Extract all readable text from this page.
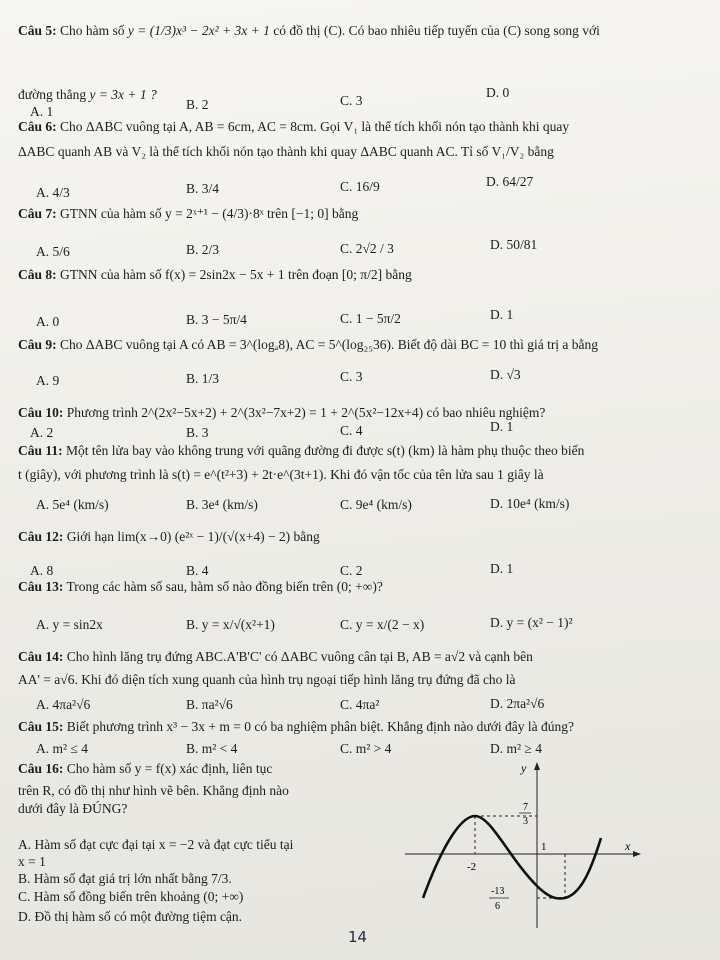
Câu 5: Cho hàm số y = (1/3)x³ − 2x² + 3x + 1 có đồ thị (C). Có bao nhiêu tiếp tuyến của (C) song song với
đường thẳng y = 3x + 1 ?
A. 1	B. 2	C. 3
D. 0
Câu 6: Cho ΔABC vuông tại A, AB = 6cm, AC = 8cm. Gọi V₁ là thể tích khối nón tạo thành khi quay
ΔABC quanh AB và V₂ là thể tích khối nón tạo thành khi quay ΔABC quanh AC. Tỉ số V₁/V₂ bằng
A. 4/3	B. 3/4	C. 16/9	D. 64/27
Câu 7: GTNN của hàm số y = 2ˣ⁺¹ − (4/3)·8ˣ trên [−1; 0] bằng
A. 5/6	B. 2/3	C. 2√2 / 3	D. 50/81
Câu 8: GTNN của hàm số f(x) = 2sin2x − 5x + 1 trên đoạn [0; π/2] bằng
A. 0	B. 3 − 5π/4	C. 1 − 5π/2	D. 1
Câu 9: Cho ΔABC vuông tại A có AB = 3^(logₐ8), AC = 5^(log₂₅36). Biết độ dài BC = 10 thì giá trị a bằng
A. 9	B. 1/3	C. 3	D. √3
Câu 10: Phương trình 2^(2x²−5x+2) + 2^(3x²−7x+2) = 1 + 2^(5x²−12x+4) có bao nhiêu nghiệm?
A. 2	B. 3	C. 4	D. 1
Câu 11: Một tên lửa bay vào không trung với quãng đường đi được s(t) (km) là hàm phụ thuộc theo biến
t (giây), với phương trình là s(t) = e^(t²+3) + 2t·e^(3t+1). Khi đó vận tốc của tên lửa sau 1 giây là
A. 5e⁴ (km/s)	B. 3e⁴ (km/s)	C. 9e⁴ (km/s)	D. 10e⁴ (km/s)
Câu 12: Giới hạn lim(x→0) (e²ˣ − 1)/(√(x+4) − 2) bằng
A. 8	B. 4	C. 2	D. 1
Câu 13: Trong các hàm số sau, hàm số nào đồng biến trên (0; +∞)?
A. y = sin2x	B. y = x/√(x²+1)	C. y = x/(2 − x)	D. y = (x² − 1)²
Câu 14: Cho hình lăng trụ đứng ABC.A'B'C' có ΔABC vuông cân tại B, AB = a√2 và cạnh bên
AA' = a√6. Khi đó diện tích xung quanh của hình trụ ngoại tiếp hình lăng trụ đứng đã cho là
A. 4πa²√6	B. πa²√6	C. 4πa²	D. 2πa²√6
Câu 15: Biết phương trình x³ − 3x + m = 0 có ba nghiệm phân biệt. Khẳng định nào dưới đây là đúng?
A. m² ≤ 4	B. m² < 4	C. m² > 4	D. m² ≥ 4
Câu 16: Cho hàm số y = f(x) xác định, liên tục
trên R, có đồ thị như hình vẽ bên. Khẳng định nào
dưới đây là ĐÚNG?
A. Hàm số đạt cực đại tại x = −2 và đạt cực tiểu tại
x = 1
B. Hàm số đạt giá trị lớn nhất bằng 7/3.
C. Hàm số đồng biến trên khoảng (0; +∞)
D. Đồ thị hàm số có một đường tiệm cận.
y
x
7
3
1
-2
-13
6
14
